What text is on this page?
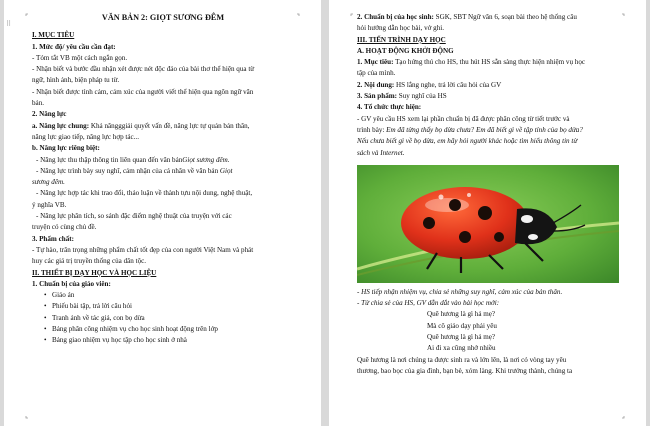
⠿
VĂN BẢN 2: GIỌT SƯƠNG ĐÊM
I. MỤC TIÊU
1. Mức độ/ yêu cầu cần đạt:
- Tóm tắt VB một cách ngắn gọn.
- Nhận biết và bước đầu nhận xét được nét độc đáo của bài thơ thể hiện qua từ
ngữ, hình ảnh, biện pháp tu từ.
- Nhận biết được tình cảm, cảm xúc của người viết thể hiện qua ngôn ngữ văn
bản.
2. Năng lực
a. Năng lực chung: Khả năngggiải quyết vấn đề, năng lực tự quản bản thân,
năng lực giao tiếp, năng lực hợp tác...
b. Năng lực riêng biệt:
- Năng lực thu thập thông tin liên quan đến văn bảnGiọt sương đêm.
- Năng lực trình bày suy nghĩ, cảm nhận của cá nhân về văn bản Giọt
sương đêm.
- Năng lực hợp tác khi trao đổi, thảo luận về thành tựu nội dung, nghệ thuật,
ý nghĩa VB.
- Năng lực phân tích, so sánh đặc điểm nghệ thuật của truyện với các
truyện có cùng chủ đề.
3. Phẩm chất:
- Tự hào, trân trọng những phẩm chất tốt đẹp của con người Việt Nam và phát
huy các giá trị truyền thống của dân tộc.
II. THIẾT BỊ DẠY HỌC VÀ HỌC LIỆU
1. Chuẩn bị của giáo viên:
• Giáo án
• Phiếu bài tập, trả lời câu hỏi
• Tranh ảnh về tác giả, con bọ dừa
• Bảng phân công nhiệm vụ cho học sinh hoạt động trên lớp
• Bảng giao nhiệm vụ học tập cho học sinh ở nhà
2. Chuẩn bị của học sinh: SGK, SBT Ngữ văn 6, soạn bài theo hệ thống câu
hỏi hướng dẫn học bài, vở ghi.
III. TIẾN TRÌNH DẠY HỌC
A. HOẠT ĐỘNG KHỞI ĐỘNG
1. Mục tiêu: Tạo hứng thú cho HS, thu hút HS sẵn sàng thực hiện nhiệm vụ học
tập của mình.
2. Nội dung: HS lắng nghe, trả lời câu hỏi của GV
3. Sản phẩm: Suy nghĩ của HS
4. Tổ chức thực hiện:
- GV yêu cầu HS xem lại phần chuẩn bị đã được phân công từ tiết trước và
trình bày: Em đã từng thấy bọ dừa chưa? Em đã biết gì về tập tính của bọ dừa?
Nếu chưa biết gì về bọ dừa, em hãy hỏi người khác hoặc tìm hiểu thông tin từ
sách và Internet.
- HS tiếp nhận nhiệm vụ, chia sẻ những suy nghĩ, cảm xúc của bản thân.
- Từ chia sẻ của HS, GV dẫn dắt vào bài học mới:
Quê hương là gì hả mẹ?
Mà cô giáo dạy phải yêu
Quê hương là gì hả mẹ?
Ai đi xa cũng nhớ nhiều
Quê hương là nơi chúng ta được sinh ra và lớn lên, là nơi có vòng tay yêu
thương, bao bọc của gia đình, bạn bè, xóm làng. Khi trưởng thành, chúng ta
